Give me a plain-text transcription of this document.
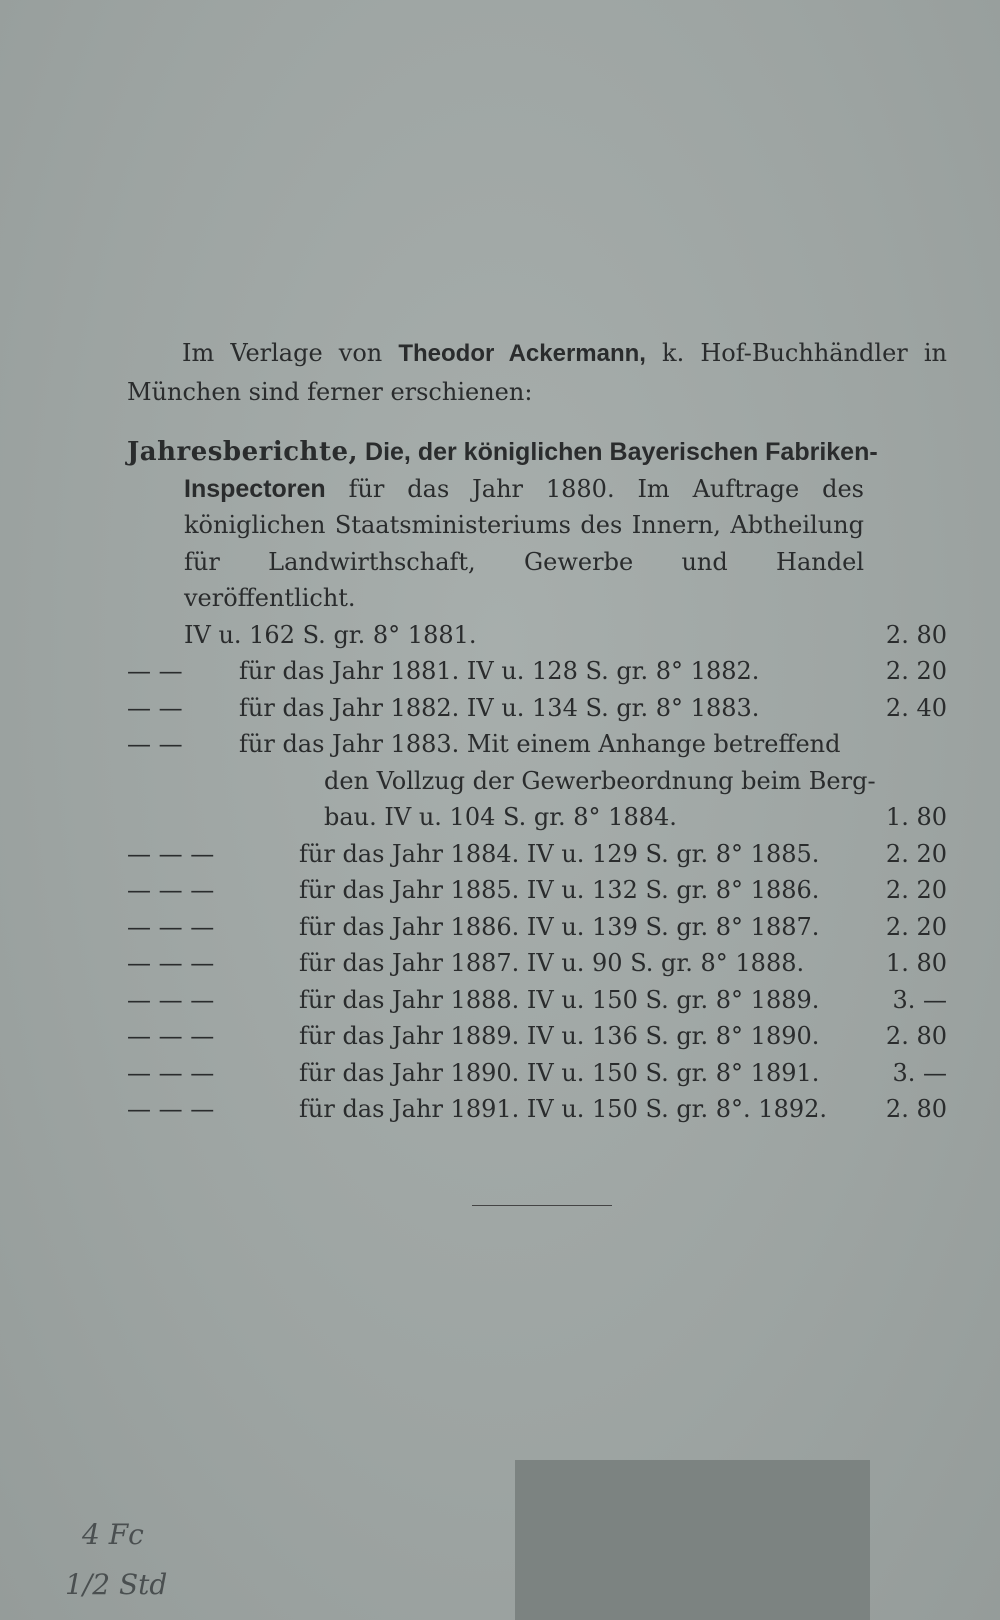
Im Verlage von Theodor Ackermann, k. Hof-Buchhändler in
München sind ferner erschienen:
Jahresberichte, Die, der königlichen Bayerischen Fabriken-
Inspectoren für das Jahr 1880. Im Auftrage des
königlichen Staatsministeriums des Innern, Abtheilung
für Landwirthschaft, Gewerbe und Handel veröffentlicht.
IV u. 162 S. gr. 8° 1881.	2. 80
— — für das Jahr 1881. IV u. 128 S. gr. 8° 1882.	2. 20
— — für das Jahr 1882. IV u. 134 S. gr. 8° 1883.	2. 40
— — für das Jahr 1883. Mit einem Anhange betreffend
den Vollzug der Gewerbeordnung beim Berg-
bau. IV u. 104 S. gr. 8° 1884.	1. 80
— — —	für das Jahr 1884. IV u. 129 S. gr. 8° 1885.	2. 20
— — —	für das Jahr 1885. IV u. 132 S. gr. 8° 1886.	2. 20
— — —	für das Jahr 1886. IV u. 139 S. gr. 8° 1887.	2. 20
— — —	für das Jahr 1887. IV u. 90 S. gr. 8° 1888.	1. 80
— — —	für das Jahr 1888. IV u. 150 S. gr. 8° 1889.	3. —
— — —	für das Jahr 1889. IV u. 136 S. gr. 8° 1890.	2. 80
— — —	für das Jahr 1890. IV u. 150 S. gr. 8° 1891.	3. —
— — —	für das Jahr 1891. IV u. 150 S. gr. 8°. 1892. 2. 80
4 Fc
1/2 Std
